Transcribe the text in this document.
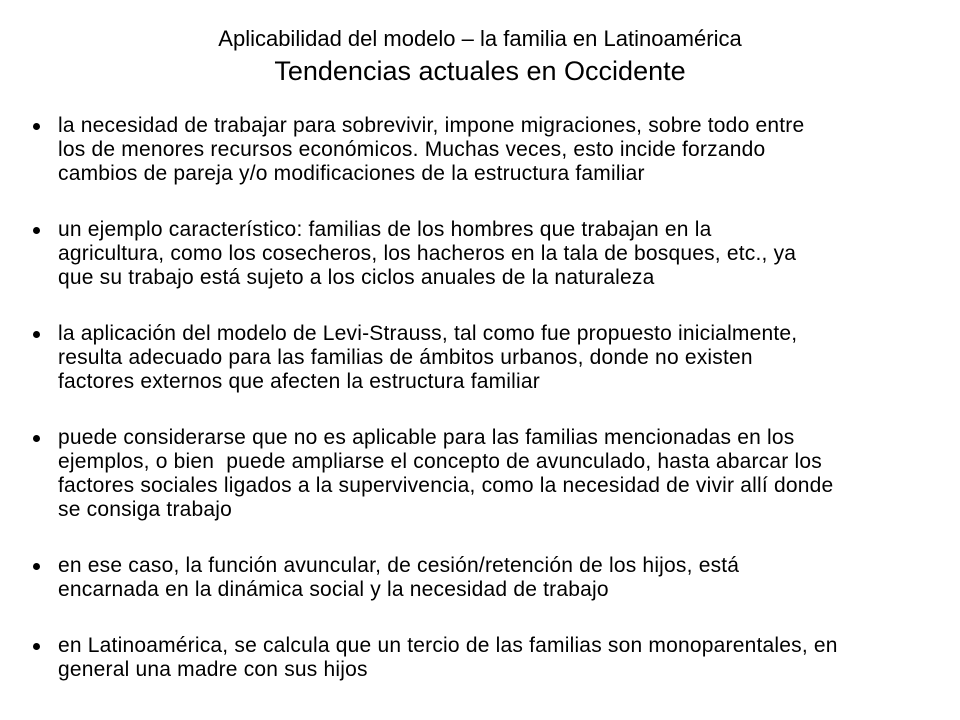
Aplicabilidad del modelo – la familia en Latinoamérica
Tendencias actuales en Occidente
la necesidad de trabajar para sobrevivir, impone migraciones, sobre todo entre
los de menores recursos económicos. Muchas veces, esto incide forzando
cambios de pareja y/o modificaciones de la estructura familiar
un ejemplo característico: familias de los hombres que trabajan en la
agricultura, como los cosecheros, los hacheros en la tala de bosques, etc., ya
que su trabajo está sujeto a los ciclos anuales de la naturaleza
la aplicación del modelo de Levi-Strauss, tal como fue propuesto inicialmente,
resulta adecuado para las familias de ámbitos urbanos, donde no existen
factores externos que afecten la estructura familiar
puede considerarse que no es aplicable para las familias mencionadas en los
ejemplos, o bien  puede ampliarse el concepto de avunculado, hasta abarcar los
factores sociales ligados a la supervivencia, como la necesidad de vivir allí donde
se consiga trabajo
en ese caso, la función avuncular, de cesión/retención de los hijos, está
encarnada en la dinámica social y la necesidad de trabajo
en Latinoamérica, se calcula que un tercio de las familias son monoparentales, en
general una madre con sus hijos
